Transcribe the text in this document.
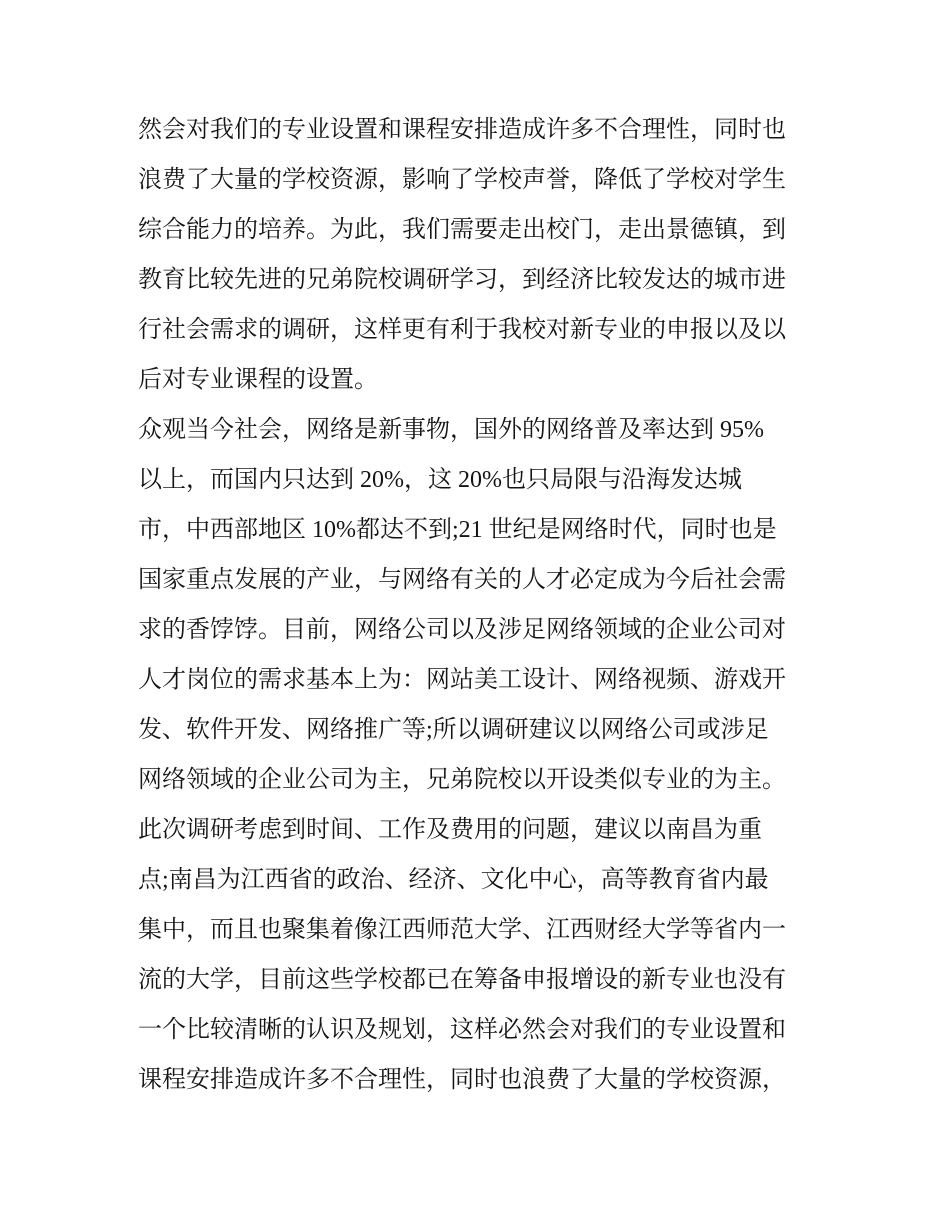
然会对我们的专业设置和课程安排造成许多不合理性，同时也
浪费了大量的学校资源，影响了学校声誉，降低了学校对学生
综合能力的培养。为此，我们需要走出校门，走出景德镇，到
教育比较先进的兄弟院校调研学习，到经济比较发达的城市进
行社会需求的调研，这样更有利于我校对新专业的申报以及以
后对专业课程的设置。
众观当今社会，网络是新事物，国外的网络普及率达到 95%
以上，而国内只达到 20%，这 20%也只局限与沿海发达城
市，中西部地区 10%都达不到;21 世纪是网络时代，同时也是
国家重点发展的产业，与网络有关的人才必定成为今后社会需
求的香饽饽。目前，网络公司以及涉足网络领域的企业公司对
人才岗位的需求基本上为：网站美工设计、网络视频、游戏开
发、软件开发、网络推广等;所以调研建议以网络公司或涉足
网络领域的企业公司为主，兄弟院校以开设类似专业的为主。
此次调研考虑到时间、工作及费用的问题，建议以南昌为重
点;南昌为江西省的政治、经济、文化中心，高等教育省内最
集中，而且也聚集着像江西师范大学、江西财经大学等省内一
流的大学，目前这些学校都已在筹备申报增设的新专业也没有
一个比较清晰的认识及规划，这样必然会对我们的专业设置和
课程安排造成许多不合理性，同时也浪费了大量的学校资源，
